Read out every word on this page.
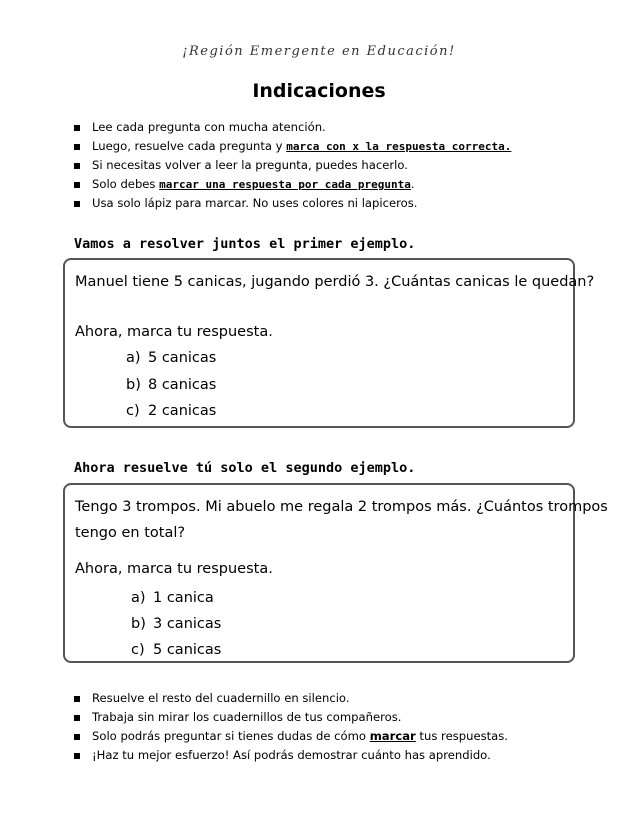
¡Región Emergente en Educación!
Indicaciones
Lee cada pregunta con mucha atención.
Luego, resuelve cada pregunta y marca con x la respuesta correcta.
Si necesitas volver a leer la pregunta, puedes hacerlo.
Solo debes marcar una respuesta por cada pregunta.
Usa solo lápiz para marcar. No uses colores ni lapiceros.
Vamos a resolver juntos el primer ejemplo.
Manuel tiene 5 canicas, jugando perdió 3. ¿Cuántas canicas le quedan?
Ahora, marca tu respuesta.
a) 5 canicas
b) 8 canicas
c) 2 canicas
Ahora resuelve tú solo el segundo ejemplo.
Tengo 3 trompos. Mi abuelo me regala 2 trompos más. ¿Cuántos trompos
tengo en total?
Ahora, marca tu respuesta.
a) 1 canica
b) 3 canicas
c) 5 canicas
Resuelve el resto del cuadernillo en silencio.
Trabaja sin mirar los cuadernillos de tus compañeros.
Solo podrás preguntar si tienes dudas de cómo marcar tus respuestas.
¡Haz tu mejor esfuerzo! Así podrás demostrar cuánto has aprendido.
